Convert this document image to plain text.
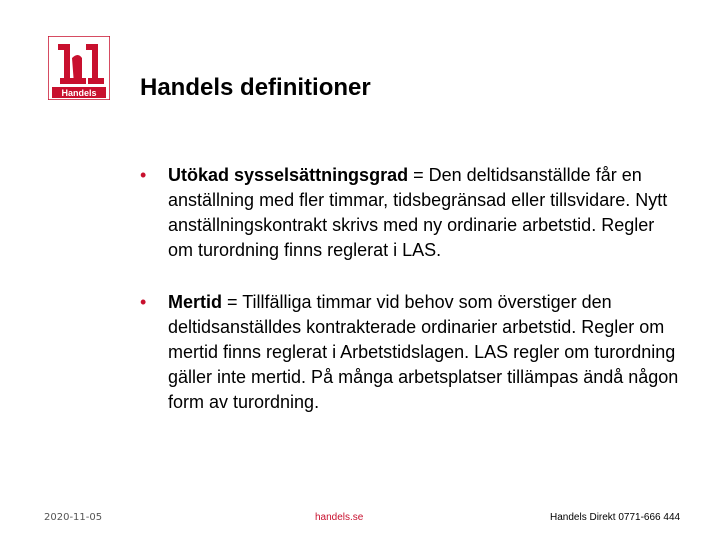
Handels Handels definitioner
• Utökad sysselsättningsgrad = Den deltidsanställde får en anställning med fler timmar, tidsbegränsad eller tillsvidare. Nytt anställningskontrakt skrivs med ny ordinarie arbetstid. Regler om turordning finns reglerat i LAS.
• Mertid = Tillfälliga timmar vid behov som överstiger den deltidsanställdes kontrakterade ordinarier arbetstid. Regler om mertid finns reglerat i Arbetstidslagen. LAS regler om turordning gäller inte mertid. På många arbetsplatser tillämpas ändå någon form av turordning.
2020-11-05	handels.se	Handels Direkt 0771-666 444
